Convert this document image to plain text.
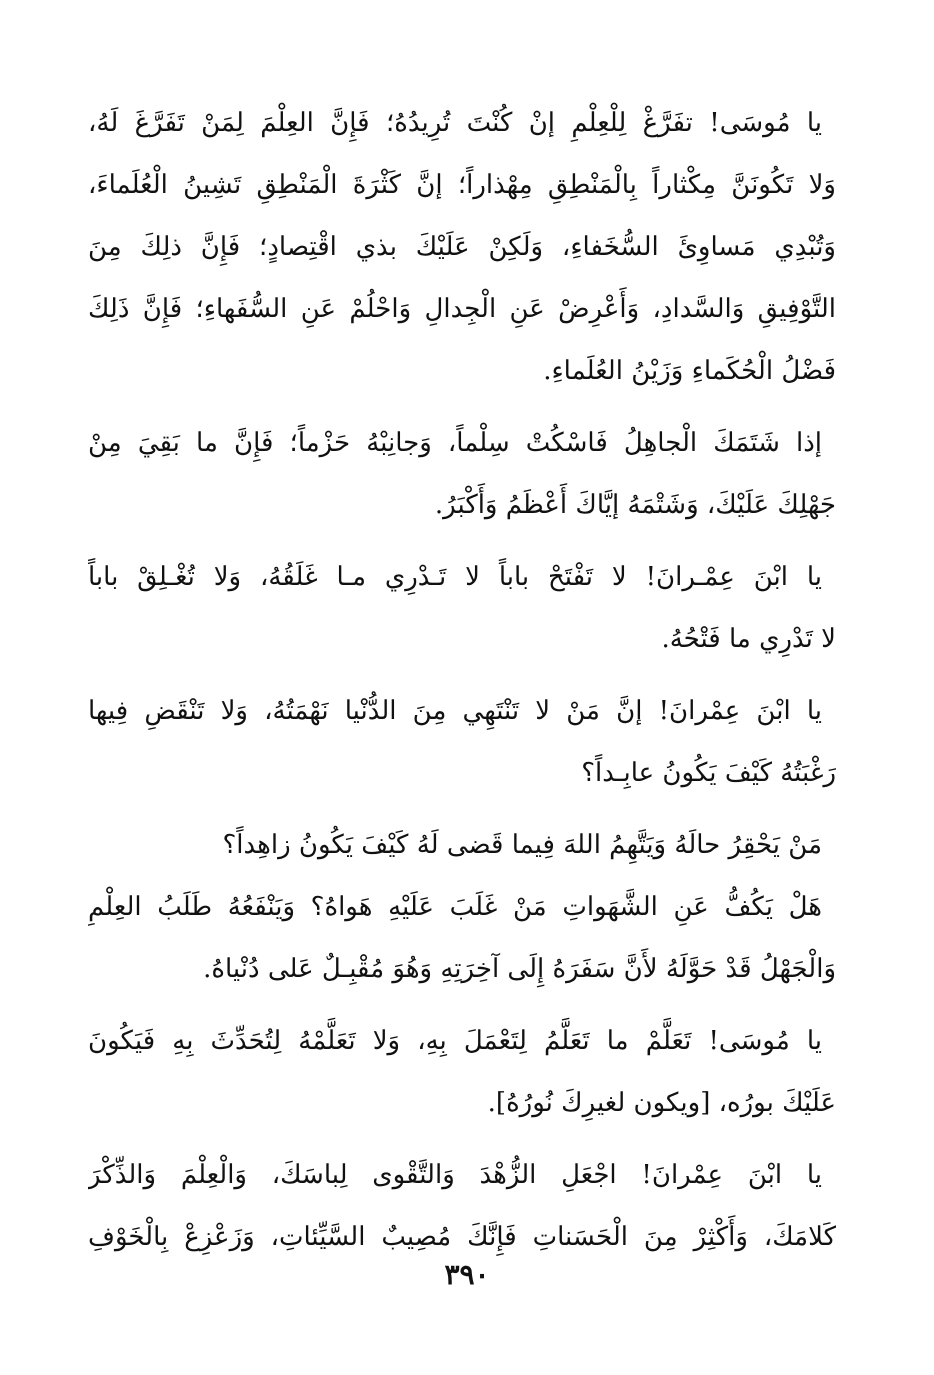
يا مُوسَى! تفَرَّغْ لِلْعِلْمِ إنْ كُنْتَ تُرِيدُهُ؛ فَإِنَّ العِلْمَ لِمَنْ تَفَرَّغَ لَهُ،
وَلا تَكُونَنَّ مِكْثاراً بِالْمَنْطِقِ مِهْذاراً؛ إنَّ كَثْرَةَ الْمَنْطِقِ تَشِينُ الْعُلَماءَ،
وَتُبْدِي مَساوِئَ السُّخَفاءِ، وَلَكِنْ عَلَيْكَ بذي اقْتِصادٍ؛ فَإِنَّ ذلِكَ مِنَ
التَّوْفِيقِ وَالسَّدادِ، وَأَعْرِضْ عَنِ الْجِدالِ وَاحْلُمْ عَنِ السُّفَهاءِ؛ فَإِنَّ ذَلِكَ
فَضْلُ الْحُكَماءِ وَزَيْنُ العُلَماءِ.
إذا شَتَمَكَ الْجاهِلُ فَاسْكُتْ سِلْماً، وَجانِبْهُ حَزْماً؛ فَإِنَّ ما بَقِيَ مِنْ
جَهْلِكَ عَلَيْكَ، وَشَتْمَهُ إيَّاكَ أَعْظَمُ وَأَكْبَرُ.
يا ابْنَ عِمْـرانَ! لا تَفْتَحْ باباً لا تَـدْرِي مـا غَلَقُهُ، وَلا تُغْـلِقْ باباً
لا تَدْرِي ما فَتْحُهُ.
يا ابْنَ عِمْرانَ! إنَّ مَنْ لا تَنْتَهِي مِنَ الدُّنْيا نَهْمَتُهُ، وَلا تَنْقَضِ فِيها
رَغْبَتُهُ كَيْفَ يَكُونُ عابِـداً؟
مَنْ يَحْقِرُ حالَهُ وَيَتَّهِمُ اللهَ فِيما قَضى لَهُ كَيْفَ يَكُونُ زاهِداً؟
هَلْ يَكُفُّ عَنِ الشَّهَواتِ مَنْ غَلَبَ عَلَيْهِ هَواهُ؟ وَيَنْفَعُهُ طَلَبُ العِلْمِ
وَالْجَهْلُ قَدْ حَوَّلَهُ لأَنَّ سَفَرَهُ إِلَى آخِرَتِهِ وَهُوَ مُقْبِـلٌ عَلى دُنْياهُ.
يا مُوسَى! تَعَلَّمْ ما تَعَلَّمُ لِتَعْمَلَ بِهِ، وَلا تَعَلَّمْهُ لِتُحَدِّثَ بِهِ فَيَكُونَ
عَلَيْكَ بورُه، [ويكون لغيرِكَ نُورُهُ].
يا ابْنَ عِمْرانَ! اجْعَلِ الزُّهْدَ وَالتَّقْوى لِباسَكَ، وَالْعِلْمَ وَالذِّكْرَ
كَلامَكَ، وَأَكْثِرْ مِنَ الْحَسَناتِ فَإِنَّكَ مُصِيبٌ السَّيِّئاتِ، وَزَعْزِعْ بِالْخَوْفِ
٣٩٠
